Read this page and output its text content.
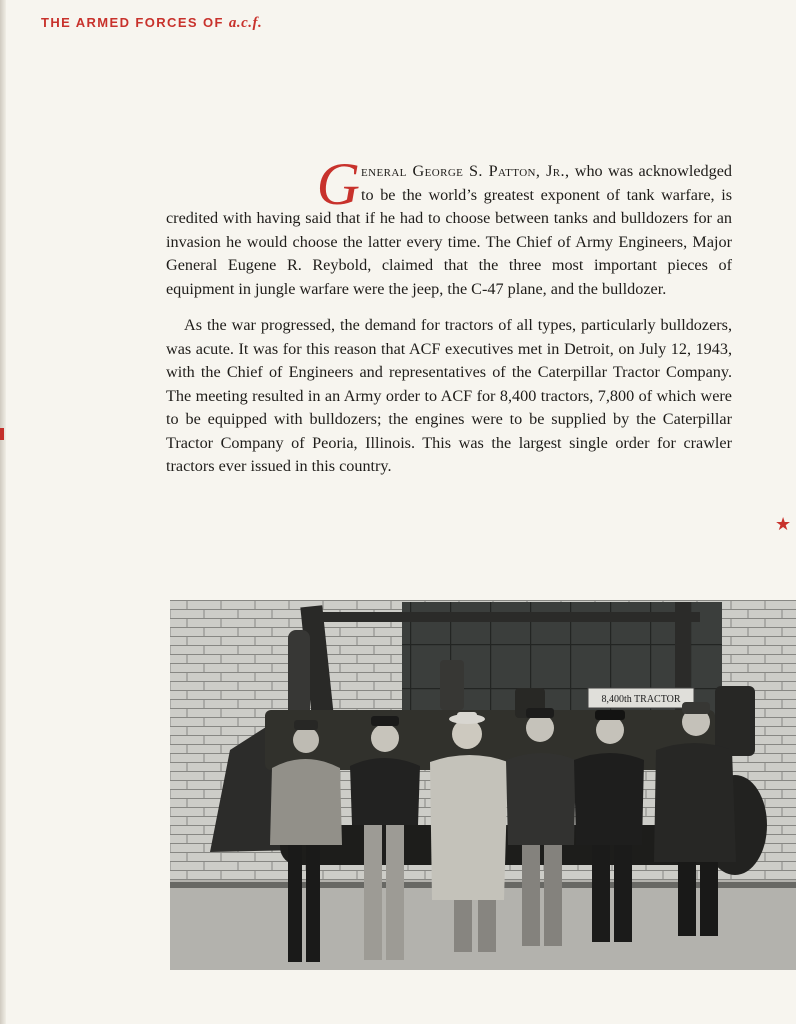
THE ARMED FORCES OF a.c.f.

General George S. Patton, Jr., who was acknowledged to be the world’s greatest exponent of tank warfare, is credited with having said that if he had to choose between tanks and bulldozers for an invasion he would choose the latter every time. The Chief of Army Engineers, Major General Eugene R. Reybold, claimed that the three most important pieces of equipment in jungle warfare were the jeep, the C-47 plane, and the bulldozer.

As the war progressed, the demand for tractors of all types, particularly bulldozers, was acute. It was for this reason that ACF executives met in Detroit, on July 12, 1943, with the Chief of Engineers and representatives of the Caterpillar Tractor Company. The meeting resulted in an Army order to ACF for 8,400 tractors, 7,800 of which were to be equipped with bulldozers; the engines were to be supplied by the Caterpillar Tractor Company of Peoria, Illinois. This was the largest single order for crawler tractors ever issued in this country.

★
8,400th TRACTOR
